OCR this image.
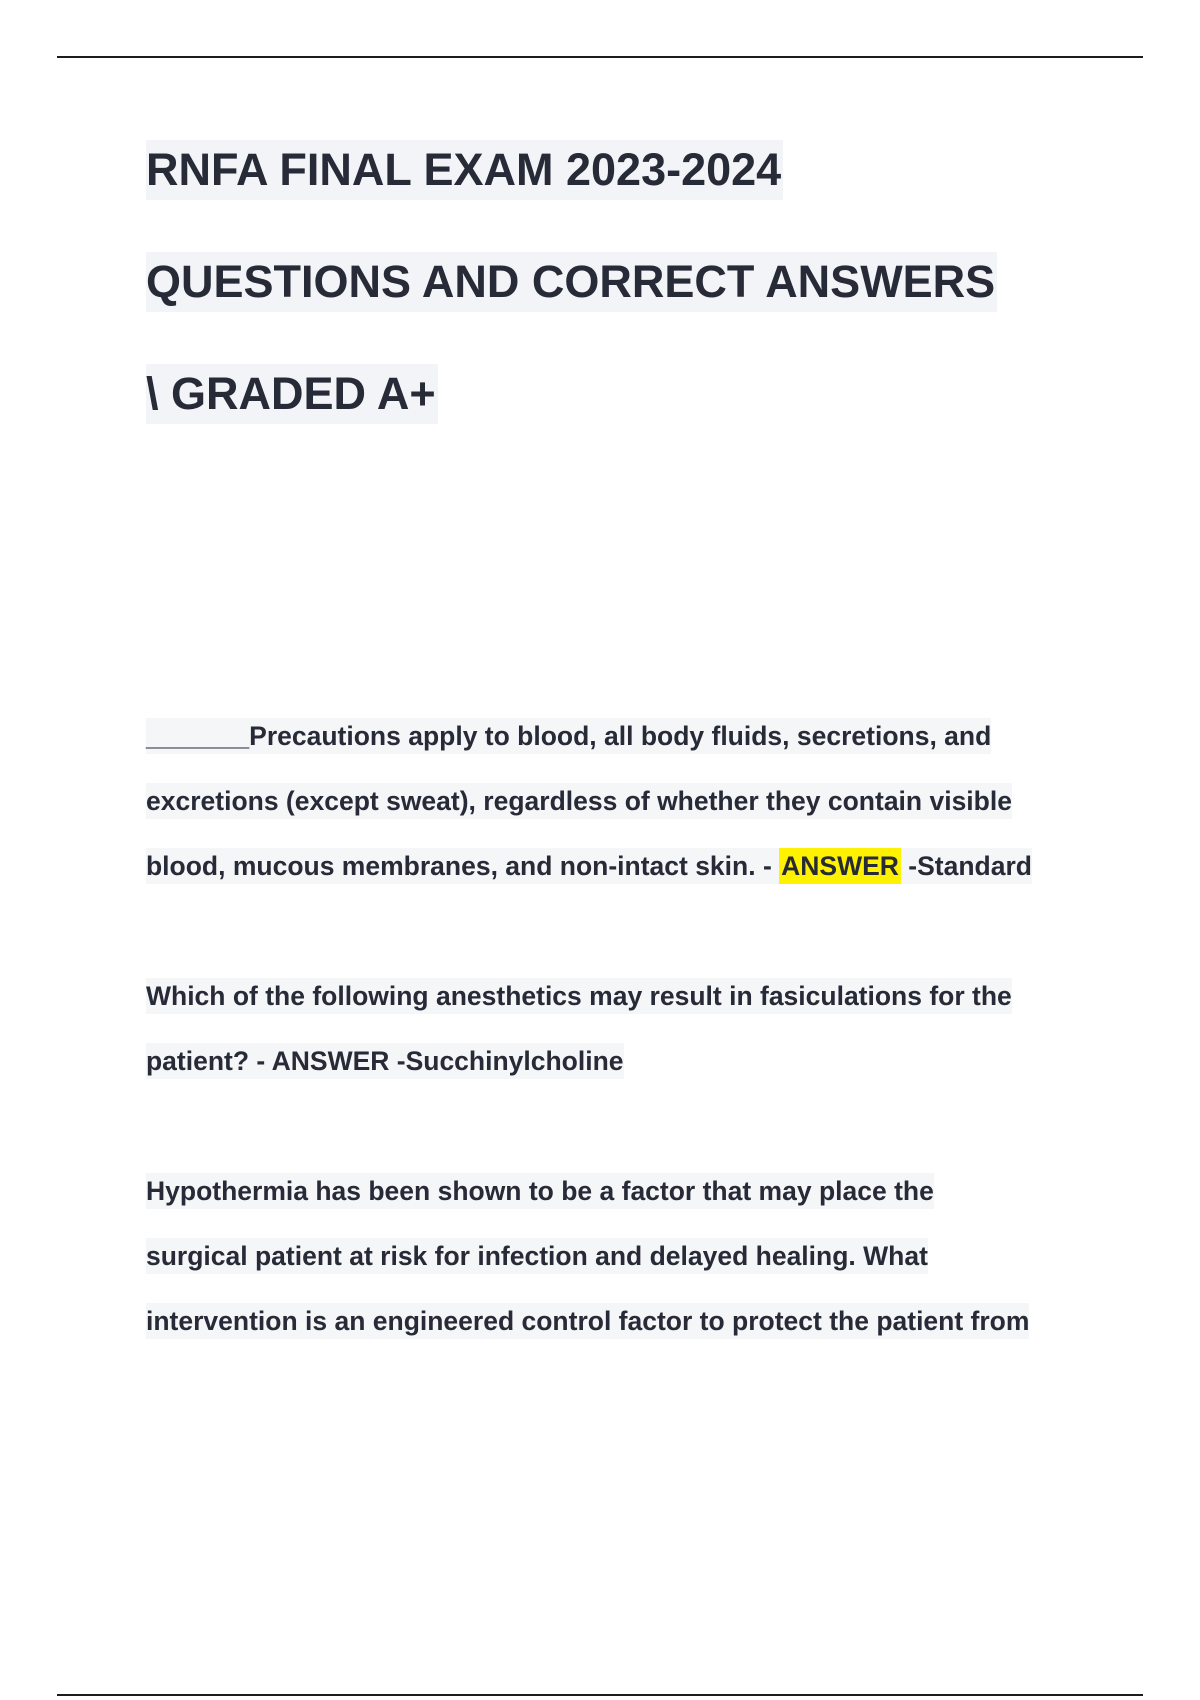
RNFA FINAL EXAM 2023-2024
QUESTIONS AND CORRECT ANSWERS
\ GRADED A+
_______Precautions apply to blood, all body fluids, secretions, and
excretions (except sweat), regardless of whether they contain visible
blood, mucous membranes, and non-intact skin. - ANSWER -Standard
Which of the following anesthetics may result in fasiculations for the
patient? - ANSWER -Succhinylcholine
Hypothermia has been shown to be a factor that may place the
surgical patient at risk for infection and delayed healing. What
intervention is an engineered control factor to protect the patient from
